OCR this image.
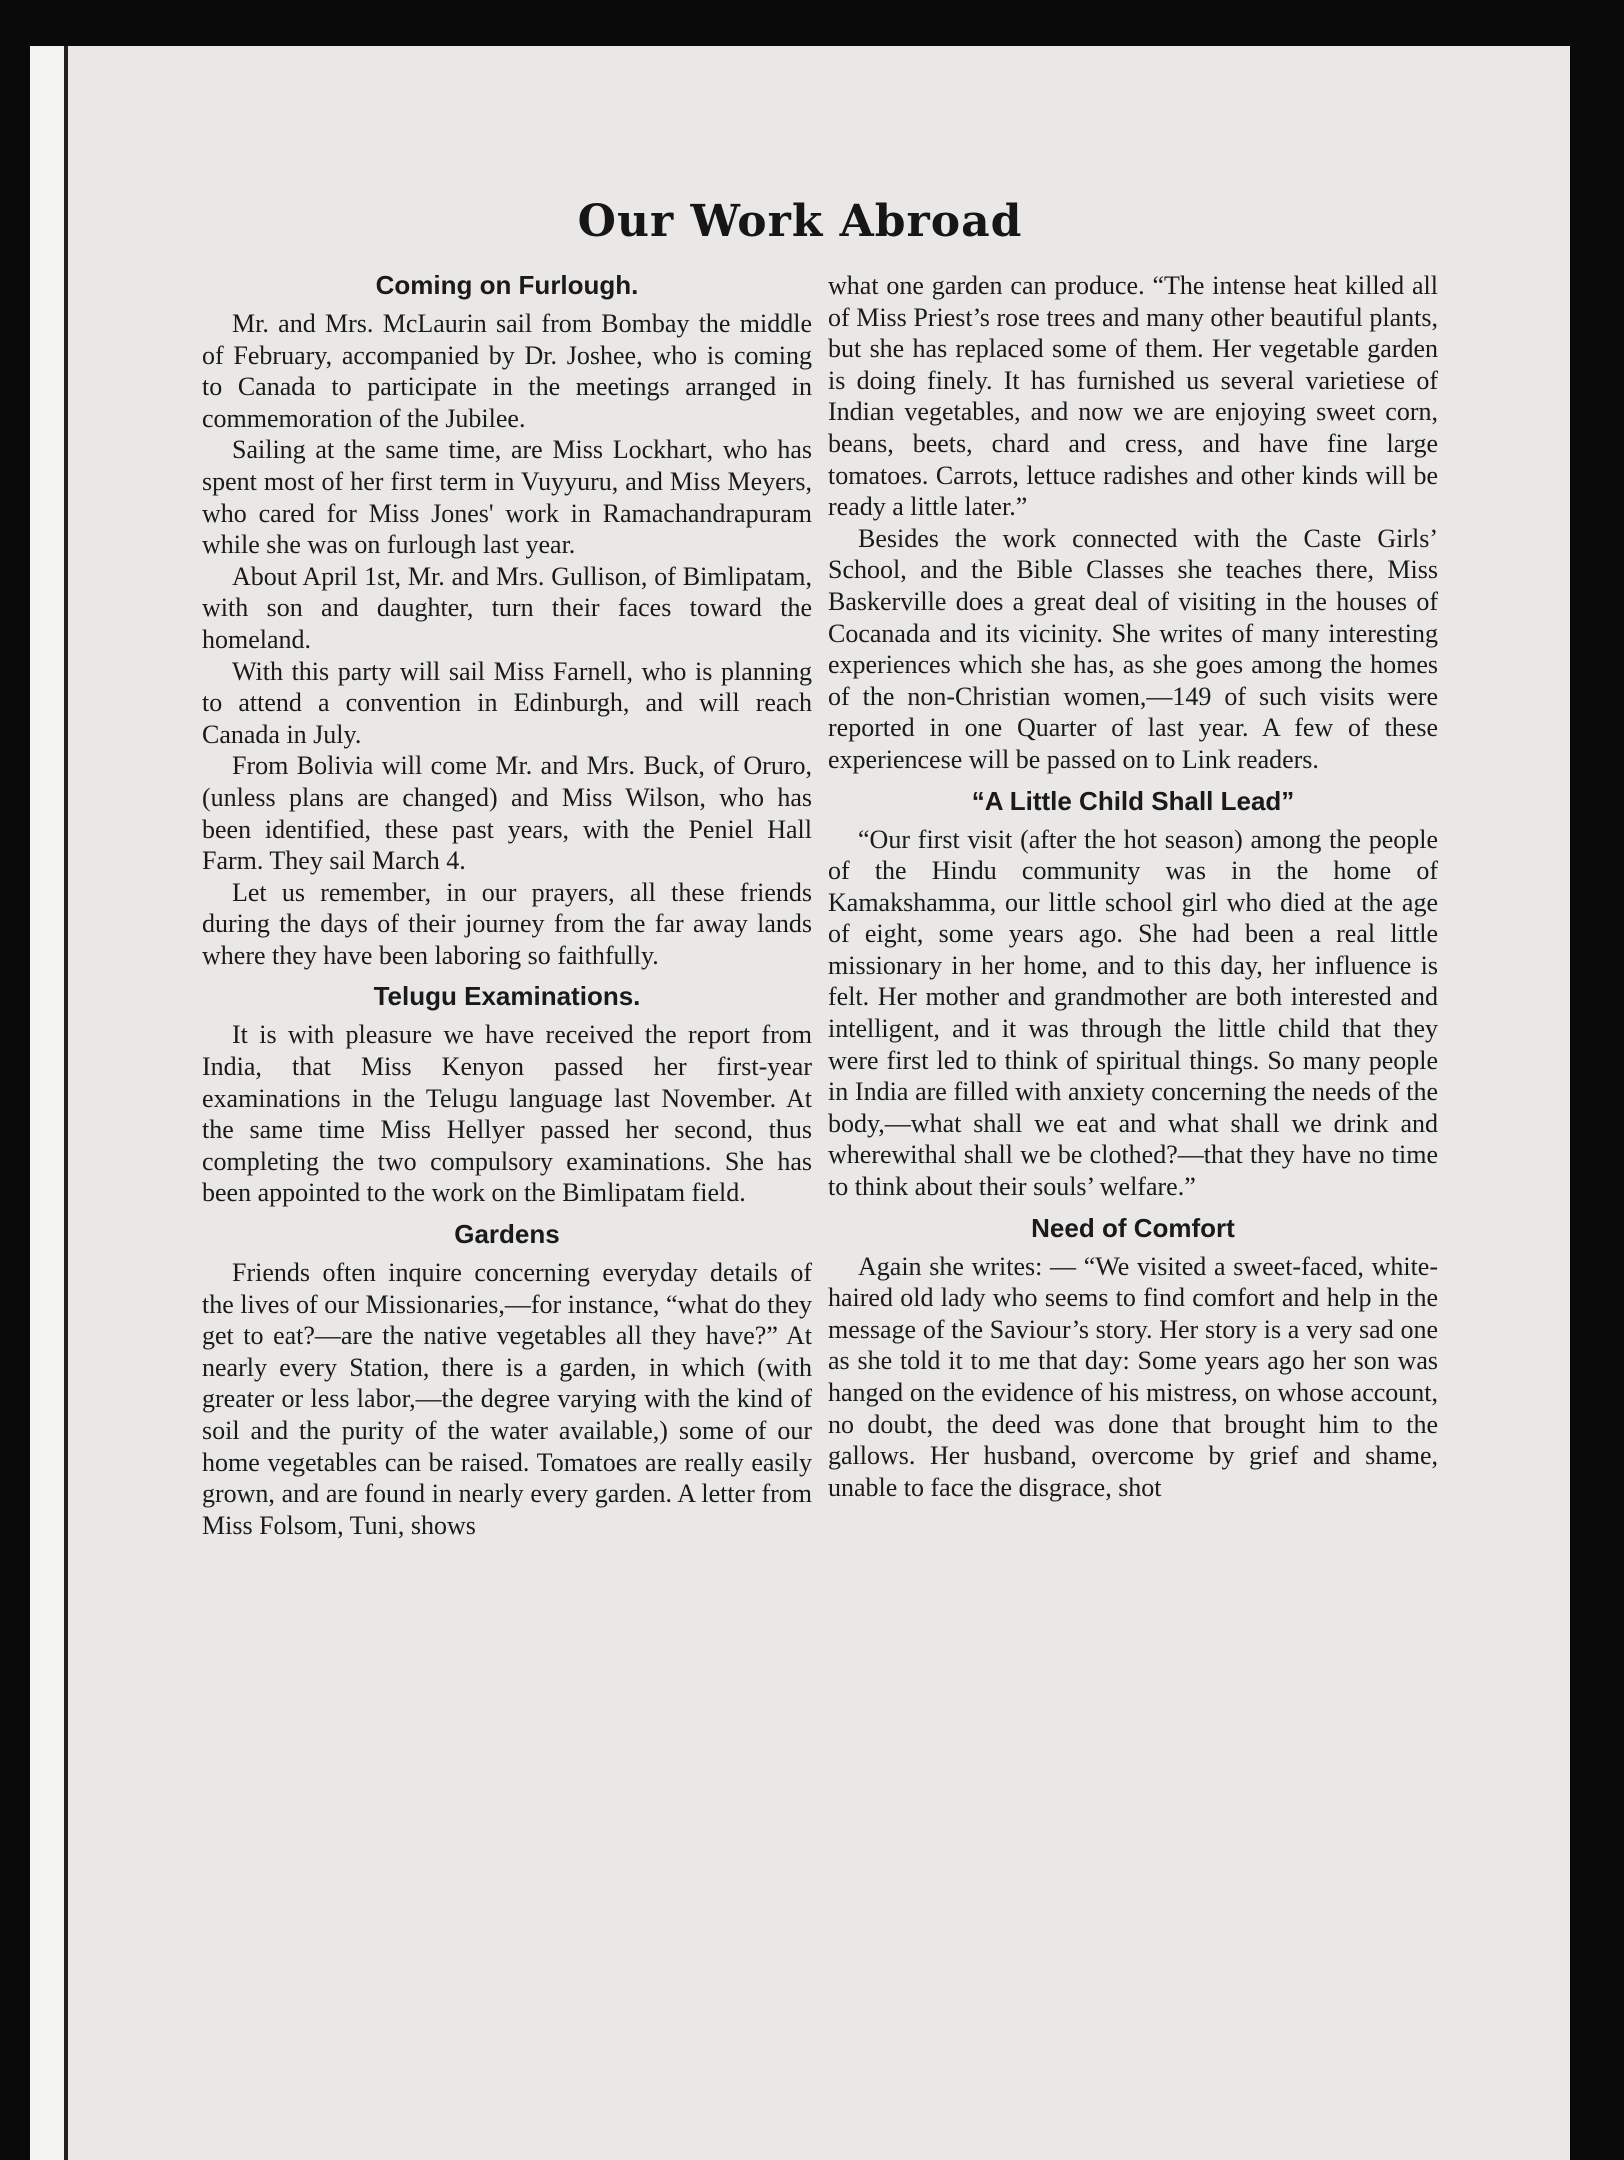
Our Work Abroad
Coming on Furlough.

Mr. and Mrs. McLaurin sail from Bombay the middle of February, accompanied by Dr. Joshee, who is coming to Canada to participate in the meetings arranged in commemoration of the Jubilee.

Sailing at the same time, are Miss Lockhart, who has spent most of her first term in Vuyyuru, and Miss Meyers, who cared for Miss Jones' work in Ramachandrapuram while she was on furlough last year.

About April 1st, Mr. and Mrs. Gullison, of Bimlipatam, with son and daughter, turn their faces toward the homeland.

With this party will sail Miss Farnell, who is planning to attend a convention in Edinburgh, and will reach Canada in July.

From Bolivia will come Mr. and Mrs. Buck, of Oruro, (unless plans are changed) and Miss Wilson, who has been identified, these past years, with the Peniel Hall Farm. They sail March 4.

Let us remember, in our prayers, all these friends during the days of their journey from the far away lands where they have been laboring so faithfully.

Telugu Examinations.

It is with pleasure we have received the report from India, that Miss Kenyon passed her first-year examinations in the Telugu language last November. At the same time Miss Hellyer passed her second, thus completing the two compulsory examinations. She has been appointed to the work on the Bimlipatam field.

Gardens

Friends often inquire concerning everyday details of the lives of our Missionaries,—for instance, “what do they get to eat?—are the native vegetables all they have?” At nearly every Station, there is a garden, in which (with greater or less labor,—the degree varying with the kind of soil and the purity of the water available,) some of our home vegetables can be raised. Tomatoes are really easily grown, and are found in nearly every garden. A letter from Miss Folsom, Tuni, shows

what one garden can produce. “The intense heat killed all of Miss Priest’s rose trees and many other beautiful plants, but she has replaced some of them. Her vegetable garden is doing finely. It has furnished us several varietiese of Indian vegetables, and now we are enjoying sweet corn, beans, beets, chard and cress, and have fine large tomatoes. Carrots, lettuce radishes and other kinds will be ready a little later.”

Besides the work connected with the Caste Girls’ School, and the Bible Classes she teaches there, Miss Baskerville does a great deal of visiting in the houses of Cocanada and its vicinity. She writes of many interesting experiences which she has, as she goes among the homes of the non-Christian women,—149 of such visits were reported in one Quarter of last year. A few of these experiencese will be passed on to Link readers.

“A Little Child Shall Lead”

“Our first visit (after the hot season) among the people of the Hindu community was in the home of Kamakshamma, our little school girl who died at the age of eight, some years ago. She had been a real little missionary in her home, and to this day, her influence is felt. Her mother and grandmother are both interested and intelligent, and it was through the little child that they were first led to think of spiritual things. So many people in India are filled with anxiety concerning the needs of the body,—what shall we eat and what shall we drink and wherewithal shall we be clothed?—that they have no time to think about their souls’ welfare.”

Need of Comfort

Again she writes: — “We visited a sweet-faced, white-haired old lady who seems to find comfort and help in the message of the Saviour’s story. Her story is a very sad one as she told it to me that day: Some years ago her son was hanged on the evidence of his mistress, on whose account, no doubt, the deed was done that brought him to the gallows. Her husband, overcome by grief and shame, unable to face the disgrace, shot
